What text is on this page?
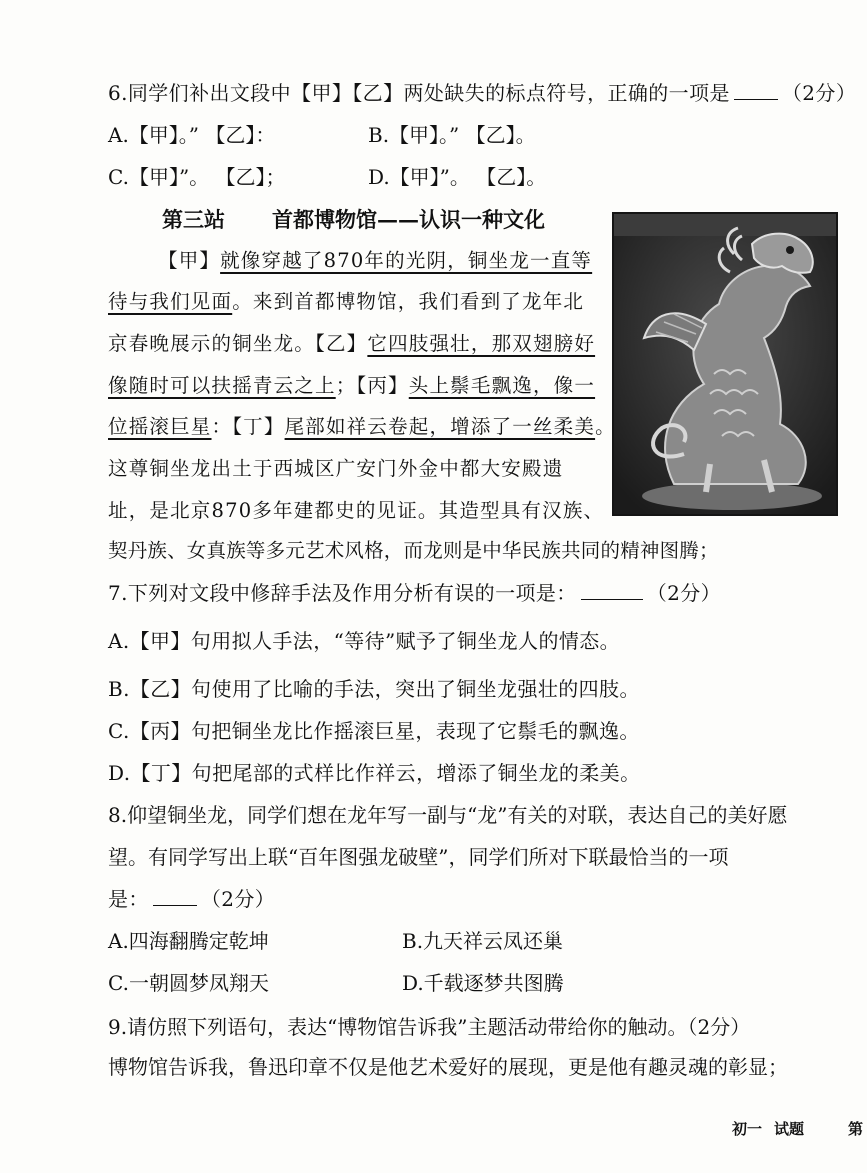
6.同学们补出文段中【甲】【乙】两处缺失的标点符号，正确的一项是	（2分）
A.【甲】。” 【乙】：	B.【甲】。” 【乙】。
C.【甲】”。 【乙】；	D.【甲】”。 【乙】。
第三站 首都博物馆——认识一种文化
【甲】就像穿越了870年的光阴，铜坐龙一直等
待与我们见面。来到首都博物馆，我们看到了龙年北
京春晚展示的铜坐龙。【乙】它四肢强壮，那双翅膀好
像随时可以扶摇青云之上；【丙】头上鬃毛飘逸，像一
位摇滚巨星：【丁】尾部如祥云卷起，增添了一丝柔美。
这尊铜坐龙出土于西城区广安门外金中都大安殿遗
址，是北京870多年建都史的见证。其造型具有汉族、
契丹族、女真族等多元艺术风格，而龙则是中华民族共同的精神图腾；
7.下列对文段中修辞手法及作用分析有误的一项是：	（2分）
A.【甲】句用拟人手法，“等待”赋予了铜坐龙人的情态。
B.【乙】句使用了比喻的手法，突出了铜坐龙强壮的四肢。
C.【丙】句把铜坐龙比作摇滚巨星，表现了它鬃毛的飘逸。
D.【丁】句把尾部的式样比作祥云，增添了铜坐龙的柔美。
8.仰望铜坐龙，同学们想在龙年写一副与“龙”有关的对联，表达自己的美好愿
望。有同学写出上联“百年图强龙破壁”，同学们所对下联最恰当的一项
是：	（2分）
A.四海翻腾定乾坤	B.九天祥云凤还巢
C.一朝圆梦凤翔天	D.千载逐梦共图腾
9.请仿照下列语句，表达“博物馆告诉我”主题活动带给你的触动。（2分）
博物馆告诉我，鲁迅印章不仅是他艺术爱好的展现，更是他有趣灵魂的彰显；
初一 试题	第
